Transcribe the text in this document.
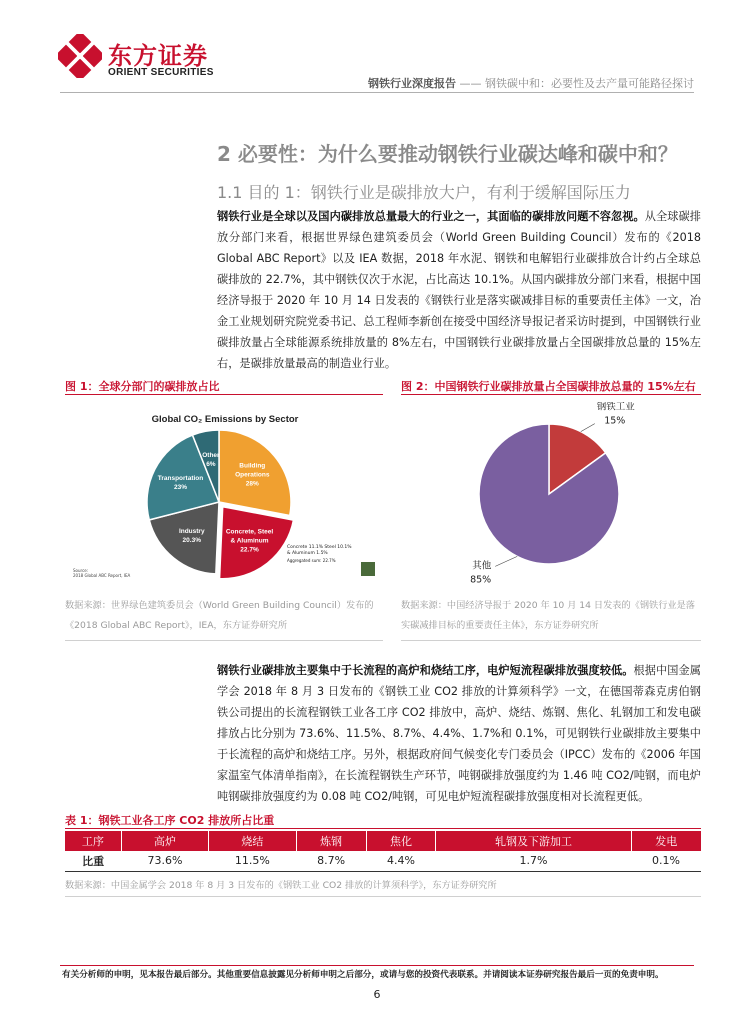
东方证券
ORIENT SECURITIES
钢铁行业深度报告 —— 钢铁碳中和：必要性及去产量可能路径探讨
2 必要性：为什么要推动钢铁行业碳达峰和碳中和？
1.1 目的 1：钢铁行业是碳排放大户，有利于缓解国际压力
钢铁行业是全球以及国内碳排放总量最大的行业之一，其面临的碳排放问题不容忽视。从全球碳排放分部门来看，根据世界绿色建筑委员会（World Green Building Council）发布的《2018 Global ABC Report》以及 IEA 数据，2018 年水泥、钢铁和电解铝行业碳排放合计约占全球总碳排放的 22.7%，其中钢铁仅次于水泥，占比高达 10.1%。从国内碳排放分部门来看，根据中国经济导报于 2020 年 10 月 14 日发表的《钢铁行业是落实碳减排目标的重要责任主体》一文，冶金工业规划研究院党委书记、总工程师李新创在接受中国经济导报记者采访时提到，中国钢铁行业碳排放量占全球能源系统排放量的 8%左右，中国钢铁行业碳排放量占全国碳排放总量的 15%左右，是碳排放量最高的制造业行业。
图 1：全球分部门的碳排放占比
Global CO₂ Emissions by Sector
Building
Operations
28%
Concrete, Steel
& Aluminum
22.7%
Industry
20.3%
Transportation
23%
Other
6%
Concrete 11.1% Steel 10.1%
& Aluminum 1.5%
Aggregated sum: 22.7%
Source:
2018 Global ABC Report, IEA
数据来源：世界绿色建筑委员会（World Green Building Council）发布的《2018 Global ABC Report》，IEA，东方证券研究所
图 2：中国钢铁行业碳排放量占全国碳排放总量的 15%左右
钢铁工业
15%
其他
85%
数据来源：中国经济导报于 2020 年 10 月 14 日发表的《钢铁行业是落实碳减排目标的重要责任主体》，东方证券研究所
钢铁行业碳排放主要集中于长流程的高炉和烧结工序，电炉短流程碳排放强度较低。根据中国金属学会 2018 年 8 月 3 日发布的《钢铁工业 CO2 排放的计算须科学》一文，在德国蒂森克虏伯钢铁公司提出的长流程钢铁工业各工序 CO2 排放中，高炉、烧结、炼钢、焦化、轧钢加工和发电碳排放占比分别为 73.6%、11.5%、8.7%、4.4%、1.7%和 0.1%，可见钢铁行业碳排放主要集中于长流程的高炉和烧结工序。另外，根据政府间气候变化专门委员会（IPCC）发布的《2006 年国家温室气体清单指南》，在长流程钢铁生产环节，吨钢碳排放强度约为 1.46 吨 CO2/吨钢，而电炉吨钢碳排放强度约为 0.08 吨 CO2/吨钢，可见电炉短流程碳排放强度相对长流程更低。
表 1：钢铁工业各工序 CO2 排放所占比重
工序	高炉	烧结	炼钢	焦化	轧钢及下游加工	发电
比重	73.6%	11.5%	8.7%	4.4%	1.7%	0.1%
数据来源：中国金属学会 2018 年 8 月 3 日发布的《钢铁工业 CO2 排放的计算须科学》，东方证券研究所
有关分析师的申明，见本报告最后部分。其他重要信息披露见分析师申明之后部分，或请与您的投资代表联系。并请阅读本证券研究报告最后一页的免责申明。
6
